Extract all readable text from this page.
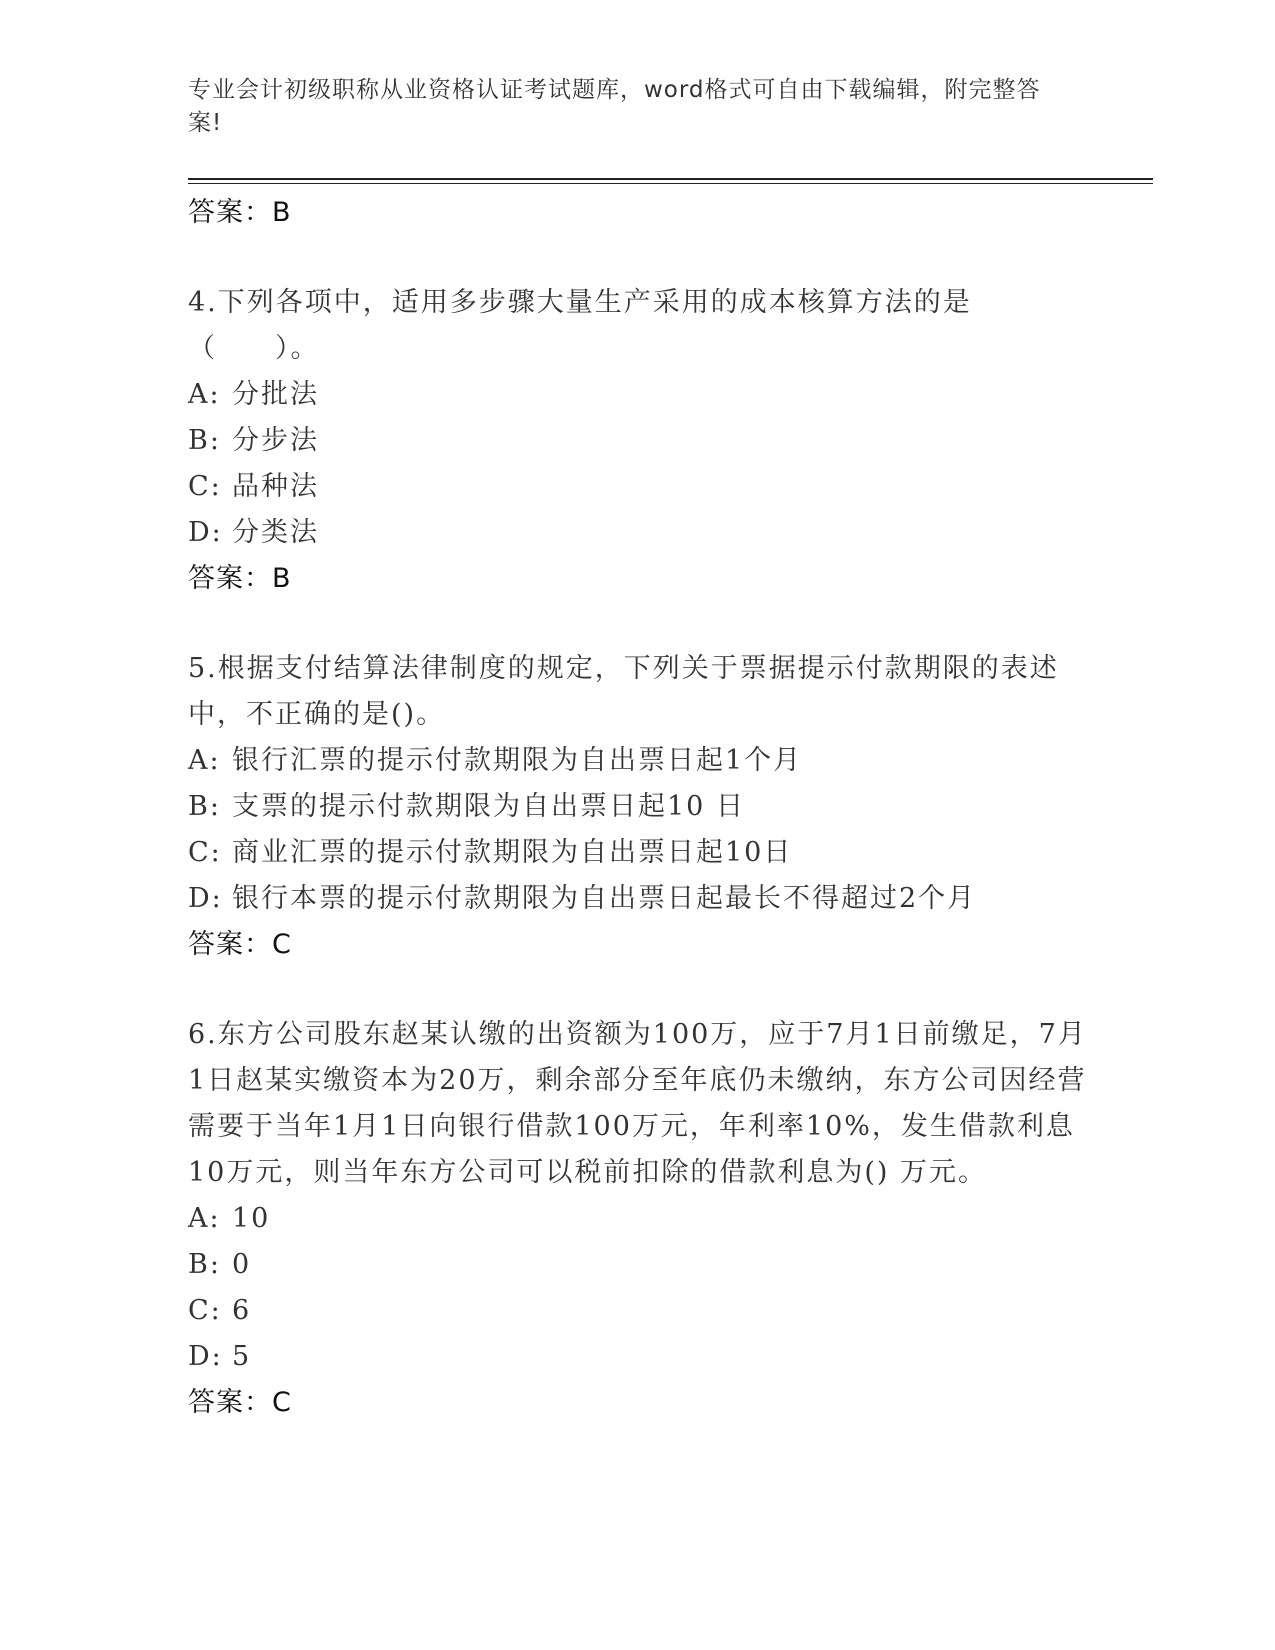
专业会计初级职称从业资格认证考试题库，word格式可自由下载编辑，附完整答案!
答案：B
4.下列各项中，适用多步骤大量生产采用的成本核算方法的是（　　）。
A: 分批法
B: 分步法
C: 品种法
D: 分类法
答案：B
5.根据支付结算法律制度的规定，下列关于票据提示付款期限的表述中，不正确的是()。
A: 银行汇票的提示付款期限为自出票日起1个月
B: 支票的提示付款期限为自出票日起10 日
C: 商业汇票的提示付款期限为自出票日起10日
D: 银行本票的提示付款期限为自出票日起最长不得超过2个月
答案：C
6.东方公司股东赵某认缴的出资额为100万，应于7月1日前缴足，7月1日赵某实缴资本为20万，剩余部分至年底仍未缴纳，东方公司因经营需要于当年1月1日向银行借款100万元，年利率10%，发生借款利息10万元，则当年东方公司可以税前扣除的借款利息为() 万元。
A: 10
B: 0
C: 6
D: 5
答案：C
